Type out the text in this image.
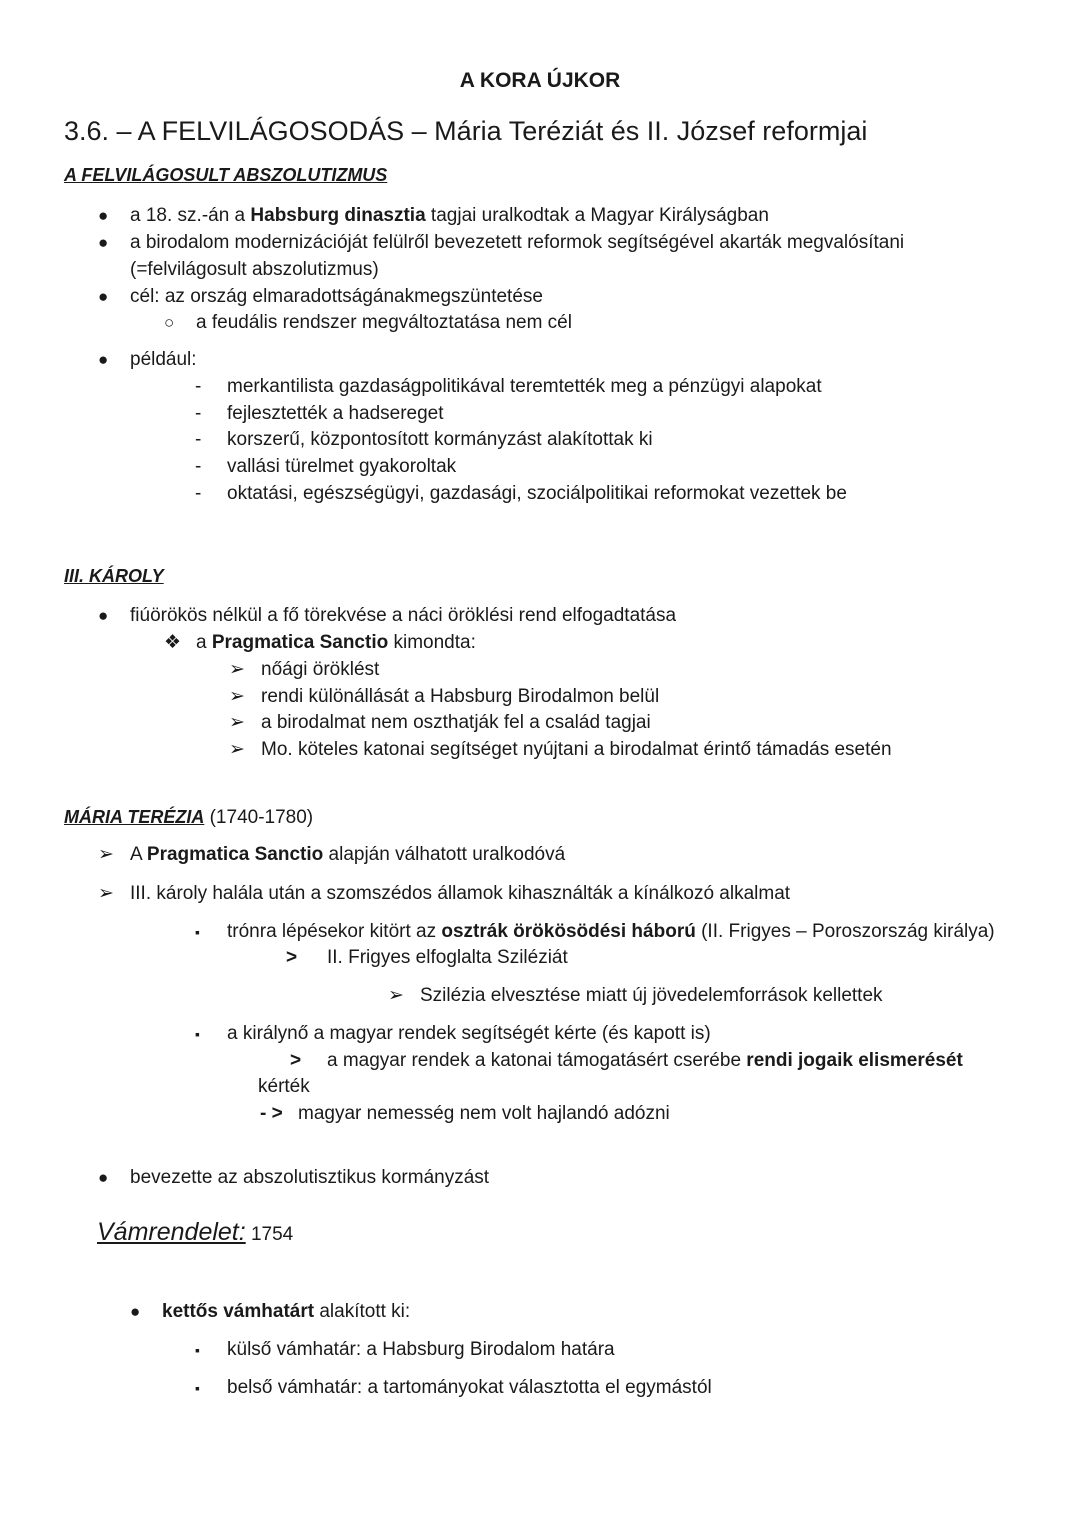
A KORA ÚJKOR
3.6. – A FELVILÁGOSODÁS – Mária Teréziát és II. József reformjai
A FELVILÁGOSULT ABSZOLUTIZMUS
● a 18. sz.-án a Habsburg dinasztia tagjai uralkodtak a Magyar Királyságban
● a birodalom modernizációját felülről bevezetett reformok segítségével akarták megvalósítani
(=felvilágosult abszolutizmus)
● cél: az ország elmaradottságánakmegszüntetése
○ a feudális rendszer megváltoztatása nem cél
● például:
- merkantilista gazdaságpolitikával teremtették meg a pénzügyi alapokat
- fejlesztették a hadsereget
- korszerű, központosított kormányzást alakítottak ki
- vallási türelmet gyakoroltak
- oktatási, egészségügyi, gazdasági, szociálpolitikai reformokat vezettek be
III. KÁROLY
● fiúörökös nélkül a fő törekvése a náci öröklési rend elfogadtatása
❖ a Pragmatica Sanctio kimondta:
➢ nőági öröklést
➢ rendi különállását a Habsburg Birodalmon belül
➢ a birodalmat nem oszthatják fel a család tagjai
➢ Mo. köteles katonai segítséget nyújtani a birodalmat érintő támadás esetén
MÁRIA TERÉZIA (1740-1780)
➢ A Pragmatica Sanctio alapján válhatott uralkodóvá
➢ III. károly halála után a szomszédos államok kihasználták a kínálkozó alkalmat
▪ trónra lépésekor kitört az osztrák örökösödési háború (II. Frigyes – Poroszország királya)
> II. Frigyes elfoglalta Sziléziát
➢ Szilézia elvesztése miatt új jövedelemforrások kellettek
▪ a királynő a magyar rendek segítségét kérte (és kapott is)
> a magyar rendek a katonai támogatásért cserébe rendi jogaik elismerését
kérték
- > magyar nemesség nem volt hajlandó adózni
● bevezette az abszolutisztikus kormányzást
Vámrendelet: 1754
● kettős vámhatárt alakított ki:
▪ külső vámhatár: a Habsburg Birodalom határa
▪ belső vámhatár: a tartományokat választotta el egymástól
